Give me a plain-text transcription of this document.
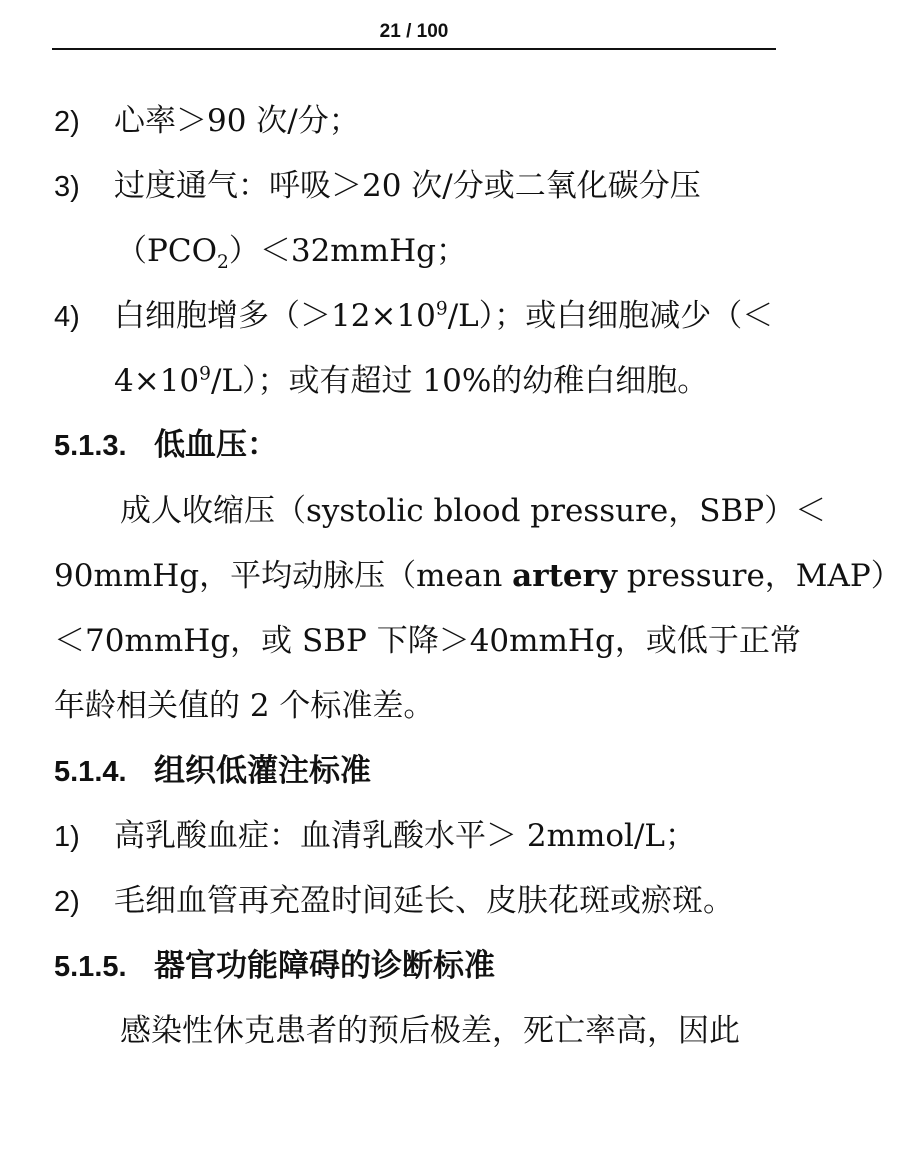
21 / 100
2) 心率＞90 次/分；
3) 过度通气：呼吸＞20 次/分或二氧化碳分压
$(PCO_2)<32mmHg$；
4) 白细胞增多$(>12\times 10^9/L)$；或白细胞减少（＜
$4\times 10^9/L$）；或有超过 10%的幼稚白细胞。
5.1.3. 低血压：
成人收缩压（systolic blood pressure，SBP）＜
90mmHg，平均动脉压（mean artery pressure，MAP）
＜70mmHg，或 SBP 下降＞40mmHg，或低于正常
年龄相关值的 2 个标准差。
5.1.4. 组织低灌注标准
1) 高乳酸血症：血清乳酸水平＞ 2mmol/L；
2) 毛细血管再充盈时间延长、皮肤花斑或瘀斑。
5.1.5. 器官功能障碍的诊断标准
感染性休克患者的预后极差，死亡率高，因此
